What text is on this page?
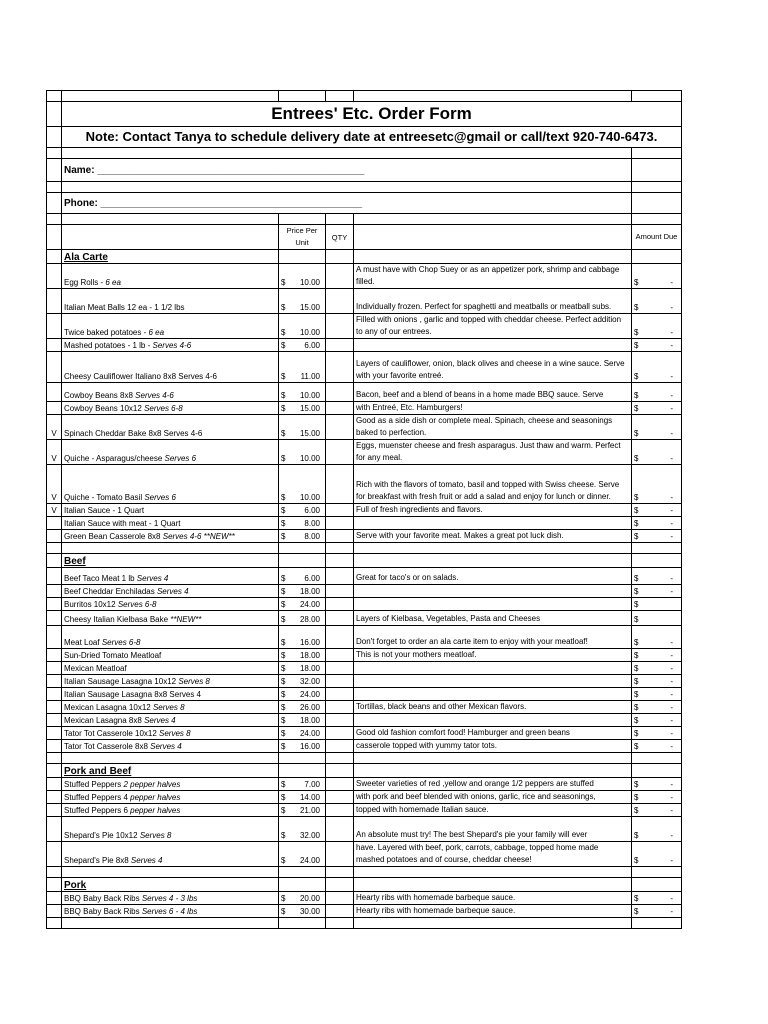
	Entrees' Etc. Order Form				
	Note: Contact Tanya to schedule delivery date at entreesetc@gmail or call/text 920-740-6473.				

	Name: ________________________________________________				

	Phone: _______________________________________________				

		Price Per Unit	QTY		Amount Due
	Ala Carte				
	Egg Rolls - 6 ea	$ 10.00		A must have with Chop Suey or as an appetizer pork, shrimp and cabbage filled.	$ -

	Italian Meat Balls 12 ea - 1 1/2 lbs	$ 15.00		Individually frozen. Perfect for spaghetti and meatballs or meatball subs.	$ -

	Twice baked potatoes - 6 ea	$ 10.00		Filled with onions , garlic and topped with cheddar cheese. Perfect addition to any of our entrees.	$ -

	Mashed potatoes - 1 lb - Serves 4-6	$ 6.00			$ -

	Cheesy Cauliflower Italiano 8x8 Serves 4-6	$ 11.00		Layers of cauliflower, onion, black olives and cheese in a wine sauce. Serve with your favorite entreé.	$ -

	Cowboy Beans 8x8 Serves 4-6	$ 10.00		Bacon, beef and a blend of beans in a home made BBQ sauce. Serve	$ -

	Cowboy Beans 10x12 Serves 6-8	$ 15.00		with Entreé, Etc. Hamburgers!	$ -

V	Spinach Cheddar Bake 8x8 Serves 4-6	$ 15.00		Good as a side dish or complete meal. Spinach, cheese and seasonings baked to perfection.	$ -

V	Quiche - Asparagus/cheese Serves 6	$ 10.00		Eggs, muenster cheese and fresh asparagus. Just thaw and warm. Perfect for any meal.	$ -

V	Quiche - Tomato Basil Serves 6	$ 10.00		Rich with the flavors of tomato, basil and topped with Swiss cheese. Serve for breakfast with fresh fruit or add a salad and enjoy for lunch or dinner.	$ -

V	Italian Sauce - 1 Quart	$ 6.00		Full of fresh ingredients and flavors.	$ -

	Italian Sauce with meat - 1 Quart	$ 8.00			$ -

	Green Bean Casserole 8x8 Serves 4-6 **NEW**	$ 8.00		Serve with your favorite meat. Makes a great pot luck dish.	$ -

	Beef				
	Beef Taco Meat 1 lb Serves 4	$ 6.00		Great for taco's or on salads.	$ -

	Beef Cheddar Enchiladas Serves 4	$ 18.00			$ -

	Burritos 10x12 Serves 6-8	$ 24.00			$

	Cheesy Italian Kielbasa Bake **NEW**	$ 28.00		Layers of Kielbasa, Vegetables, Pasta and Cheeses	$

	Meat Loaf Serves 6-8	$ 16.00		Don't forget to order an ala carte item to enjoy with your meatloaf!	$ -

	Sun-Dried Tomato Meatloaf	$ 18.00		This is not your mothers meatloaf.	$ -

	Mexican Meatloaf	$ 18.00			$ -

	Italian Sausage Lasagna 10x12 Serves 8	$ 32.00			$ -

	Italian Sausage Lasagna 8x8 Serves 4	$ 24.00			$ -

	Mexican Lasagna 10x12 Serves 8	$ 26.00		Tortillas, black beans and other Mexican flavors.	$ -

	Mexican Lasagna 8x8 Serves 4	$ 18.00			$ -

	Tator Tot Casserole 10x12 Serves 8	$ 24.00		Good old fashion comfort food! Hamburger and green beans	$ -

	Tator Tot Casserole 8x8 Serves 4	$ 16.00		casserole topped with yummy tator tots.	$ -

	Pork and Beef				
	Stuffed Peppers 2 pepper halves	$ 7.00		Sweeter varieties of red ,yellow and orange 1/2 peppers are stuffed	$ -

	Stuffed Peppers 4 pepper halves	$ 14.00		with pork and beef blended with onions, garlic, rice and seasonings,	$ -

	Stuffed Peppers 6 pepper halves	$ 21.00		topped with homemade Italian sauce.	$ -

	Shepard's Pie 10x12 Serves 8	$ 32.00		An absolute must try! The best Shepard's pie your family will ever	$ -

	Shepard's Pie 8x8 Serves 4	$ 24.00		have. Layered with beef, pork, carrots, cabbage, topped home made mashed potatoes and of course, cheddar cheese!	$ -

	Pork				
	BBQ Baby Back Ribs Serves 4 - 3 lbs	$ 20.00		Hearty ribs with homemade barbeque sauce.	$ -

	BBQ Baby Back Ribs Serves 6 - 4 lbs	$ 30.00		Hearty ribs with homemade barbeque sauce.	$ -
